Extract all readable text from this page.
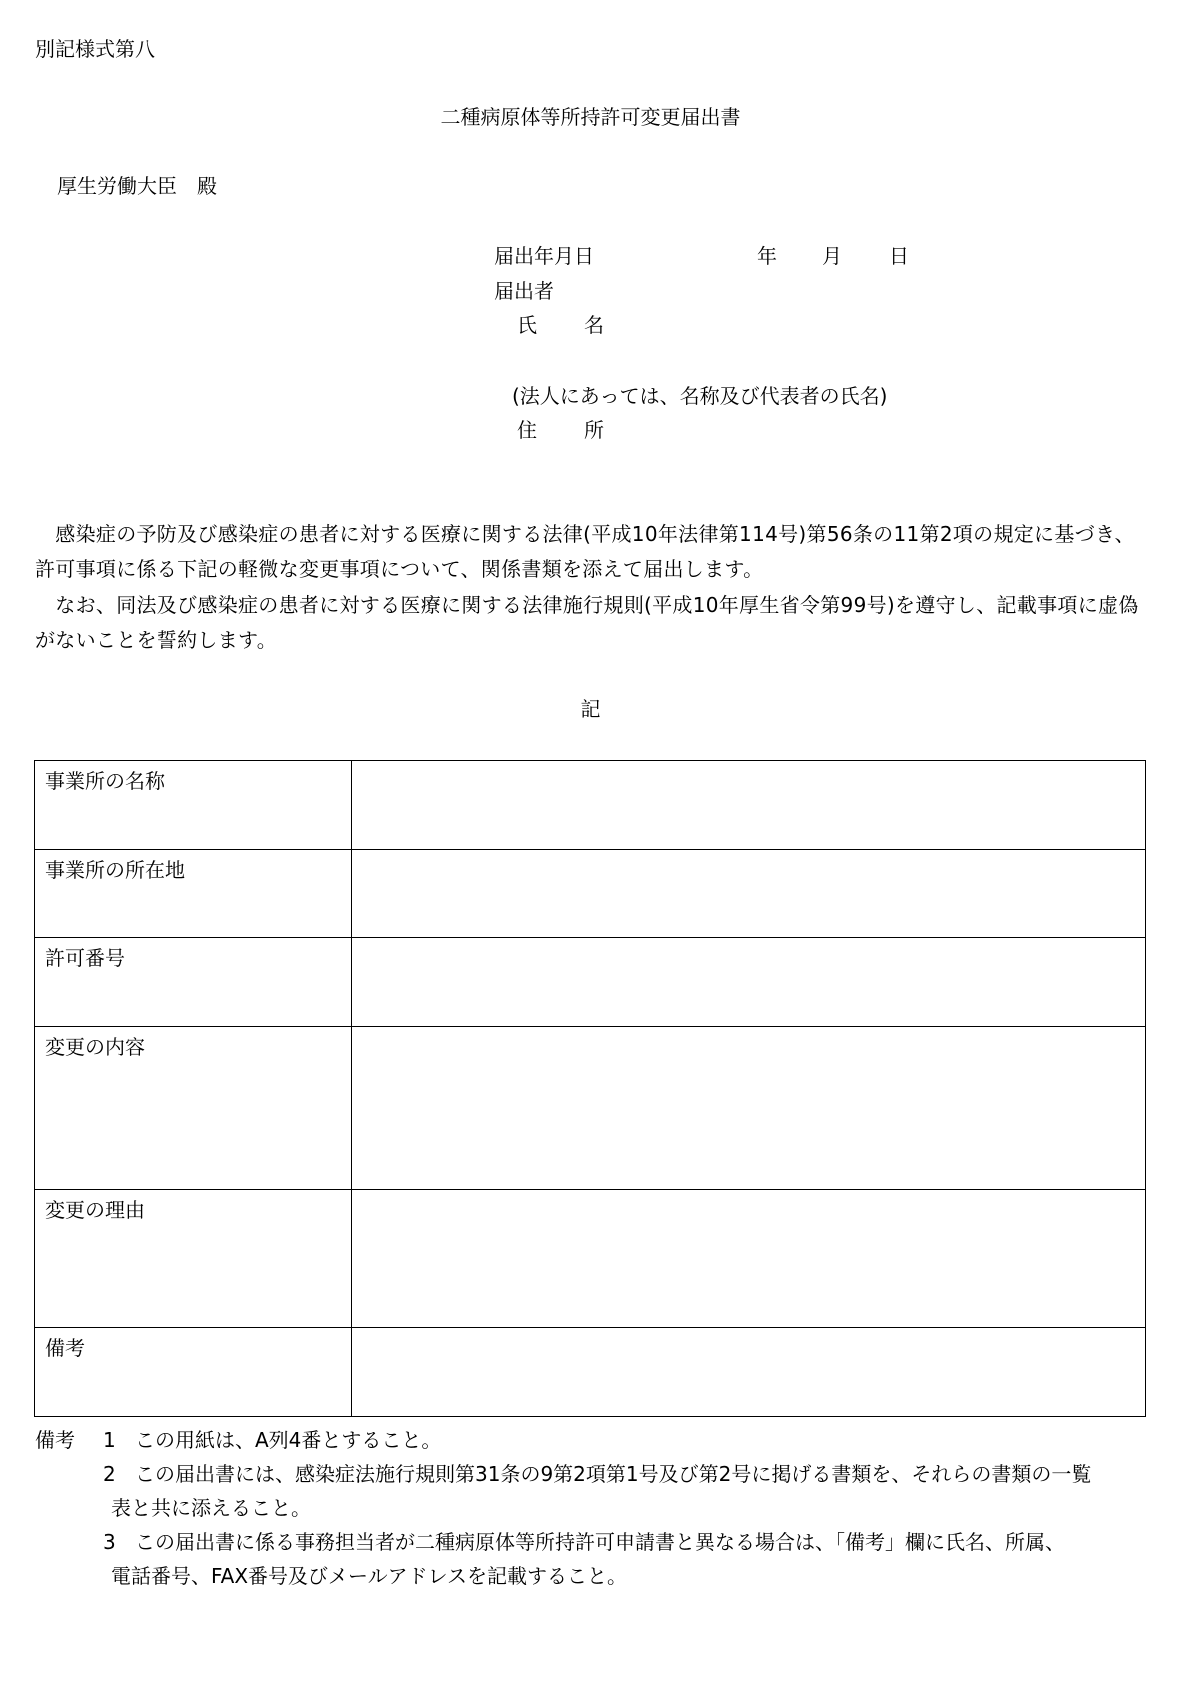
別記様式第八
二種病原体等所持許可変更届出書
厚生労働大臣　殿
届出年月日	年 月 日
届出者
氏 名
(法人にあっては、名称及び代表者の氏名)
住 所
　感染症の予防及び感染症の患者に対する医療に関する法律(平成10年法律第114号)第56条の11第2項の規定に基づき、許可事項に係る下記の軽微な変更事項について、関係書類を添えて届出します。
　なお、同法及び感染症の患者に対する医療に関する法律施行規則(平成10年厚生省令第99号)を遵守し、記載事項に虚偽がないことを誓約します。
記
事業所の名称	
事業所の所在地	
許可番号	
変更の内容	
変更の理由	
備考	
備考	1 この用紙は、A列4番とすること。
2 この届出書には、感染症法施行規則第31条の9第2項第1号及び第2号に掲げる書類を、それらの書類の一覧
表と共に添えること。
3 この届出書に係る事務担当者が二種病原体等所持許可申請書と異なる場合は、「備考」欄に氏名、所属、
電話番号、FAX番号及びメールアドレスを記載すること。
